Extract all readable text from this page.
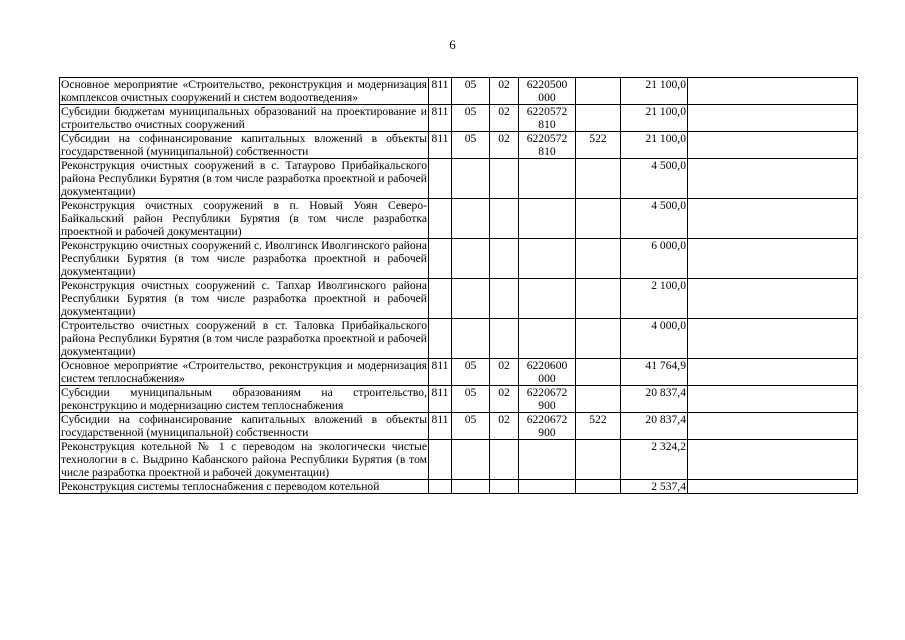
6
Основное мероприятие «Строительство, реконструкция и модернизация комплексов очистных сооружений и систем водоотведения»	811	05	02	6220500 000		21 100,0	
Субсидии бюджетам муниципальных образований на проектирование и строительство очистных сооружений	811	05	02	6220572 810		21 100,0	
Субсидии на софинансирование капитальных вложений в объекты государственной (муниципальной) собственности	811	05	02	6220572 810	522	21 100,0	
Реконструкция очистных сооружений в с. Татаурово Прибайкальского района Республики Бурятия (в том числе разработка проектной и рабочей документации)						4 500,0	
Реконструкция очистных сооружений в п. Новый Уоян Северо-Байкальский район Республики Бурятия (в том числе разработка проектной и рабочей документации)						4 500,0	
Реконструкцию очистных сооружений с. Иволгинск Иволгинского района Республики Бурятия (в том числе разработка проектной и рабочей документации)						6 000,0	
Реконструкция очистных сооружений с. Тапхар Иволгинского района Республики Бурятия (в том числе разработка проектной и рабочей документации)						2 100,0	
Строительство очистных сооружений в ст. Таловка Прибайкальского района Республики Бурятия (в том числе разработка проектной и рабочей документации)						4 000,0	
Основное мероприятие «Строительство, реконструкция и модернизация систем теплоснабжения»	811	05	02	6220600 000		41 764,9	
Субсидии муниципальным образованиям на строительство, реконструкцию и модернизацию систем теплоснабжения	811	05	02	6220672 900		20 837,4	
Субсидии на софинансирование капитальных вложений в объекты государственной (муниципальной) собственности	811	05	02	6220672 900	522	20 837,4	
Реконструкция котельной № 1 с переводом на экологически чистые технологии в с. Выдрино Кабанского района Республики Бурятия (в том числе разработка проектной и рабочей документации)						2 324,2	
Реконструкция системы теплоснабжения с переводом котельной						2 537,4	
